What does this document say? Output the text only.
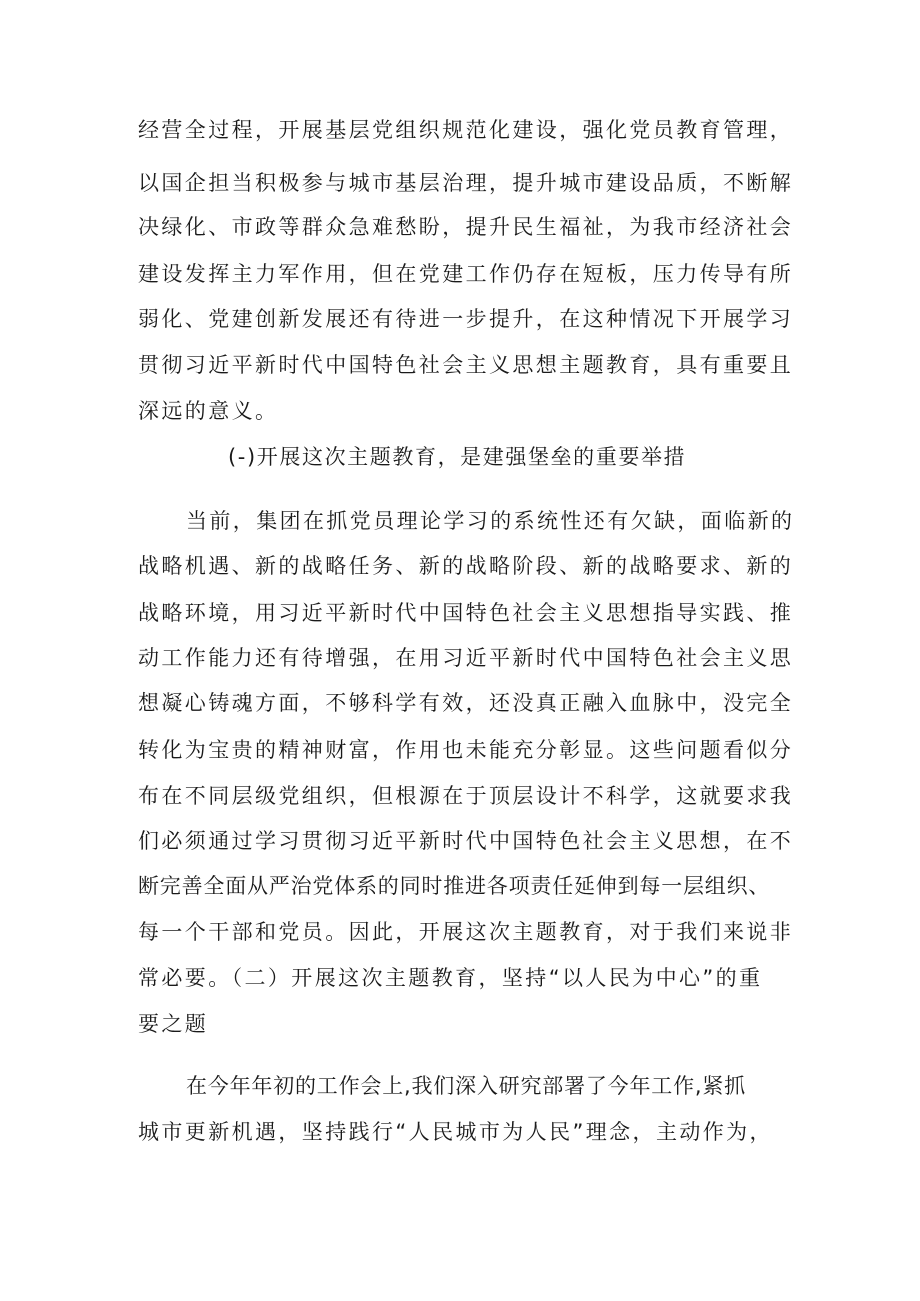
经营全过程，开展基层党组织规范化建设，强化党员教育管理，
以国企担当积极参与城市基层治理，提升城市建设品质，不断解
决绿化、市政等群众急难愁盼，提升民生福祉，为我市经济社会
建设发挥主力军作用，但在党建工作仍存在短板，压力传导有所
弱化、党建创新发展还有待进一步提升，在这种情况下开展学习
贯彻习近平新时代中国特色社会主义思想主题教育，具有重要且
深远的意义。
(-)开展这次主题教育，是建强堡垒的重要举措
当前，集团在抓党员理论学习的系统性还有欠缺，面临新的
战略机遇、新的战略任务、新的战略阶段、新的战略要求、新的
战略环境，用习近平新时代中国特色社会主义思想指导实践、推
动工作能力还有待增强，在用习近平新时代中国特色社会主义思
想凝心铸魂方面，不够科学有效，还没真正融入血脉中，没完全
转化为宝贵的精神财富，作用也未能充分彰显。这些问题看似分
布在不同层级党组织，但根源在于顶层设计不科学，这就要求我
们必须通过学习贯彻习近平新时代中国特色社会主义思想，在不
断完善全面从严治党体系的同时推进各项责任延伸到每一层组织、
每一个干部和党员。因此，开展这次主题教育，对于我们来说非
常必要。（二）开展这次主题教育，坚持“以人民为中心”的重
要之题
在今年年初的工作会上,我们深入研究部署了今年工作,紧抓
城市更新机遇，坚持践行“人民城市为人民”理念，主动作为，
